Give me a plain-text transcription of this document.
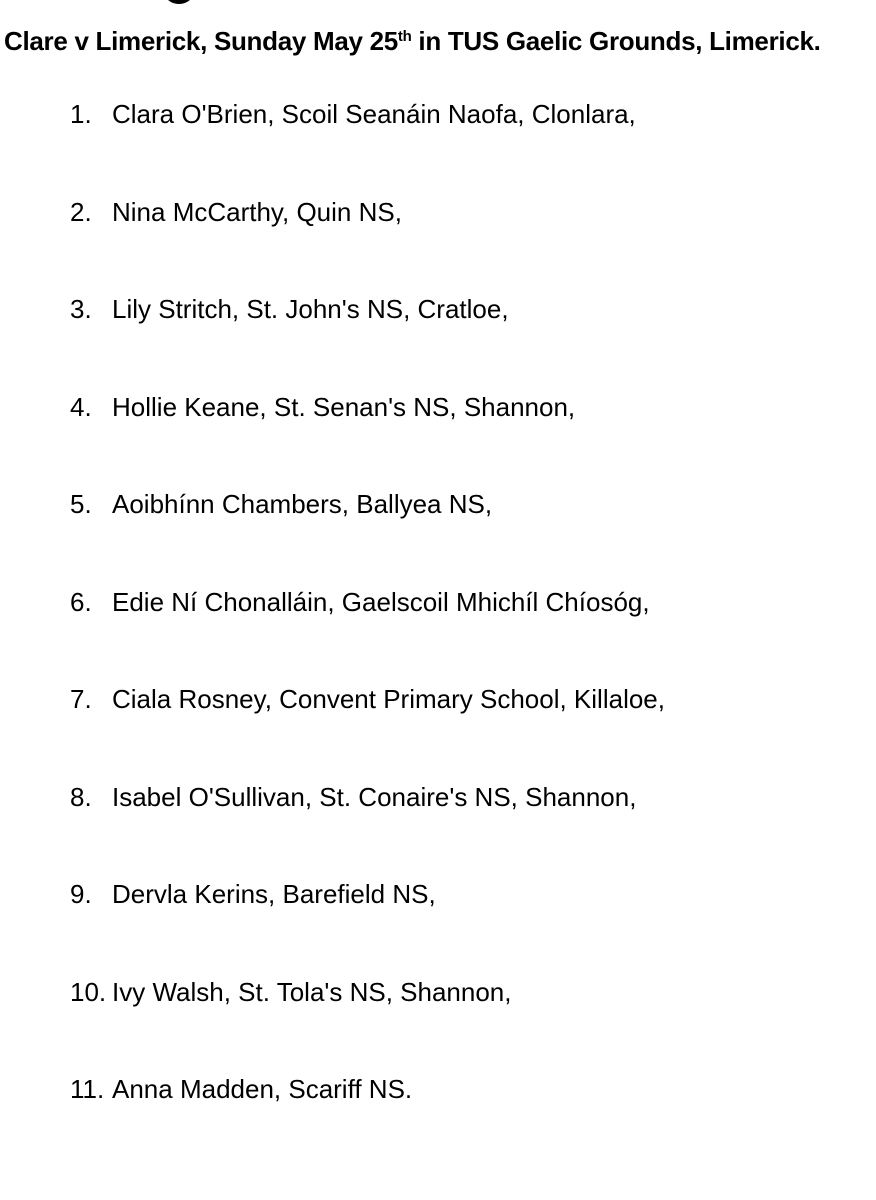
Clare v Limerick, Sunday May 25th in TUS Gaelic Grounds, Limerick.
1. Clara O'Brien, Scoil Seanáin Naofa, Clonlara,
2. Nina McCarthy, Quin NS,
3. Lily Stritch, St. John's NS, Cratloe,
4. Hollie Keane, St. Senan's NS, Shannon,
5. Aoibhínn Chambers, Ballyea NS,
6. Edie Ní Chonalláin, Gaelscoil Mhichíl Chíosóg,
7. Ciala Rosney, Convent Primary School, Killaloe,
8. Isabel O'Sullivan, St. Conaire's NS, Shannon,
9. Dervla Kerins, Barefield NS,
10. Ivy Walsh, St. Tola's NS, Shannon,
11. Anna Madden, Scariff NS.
